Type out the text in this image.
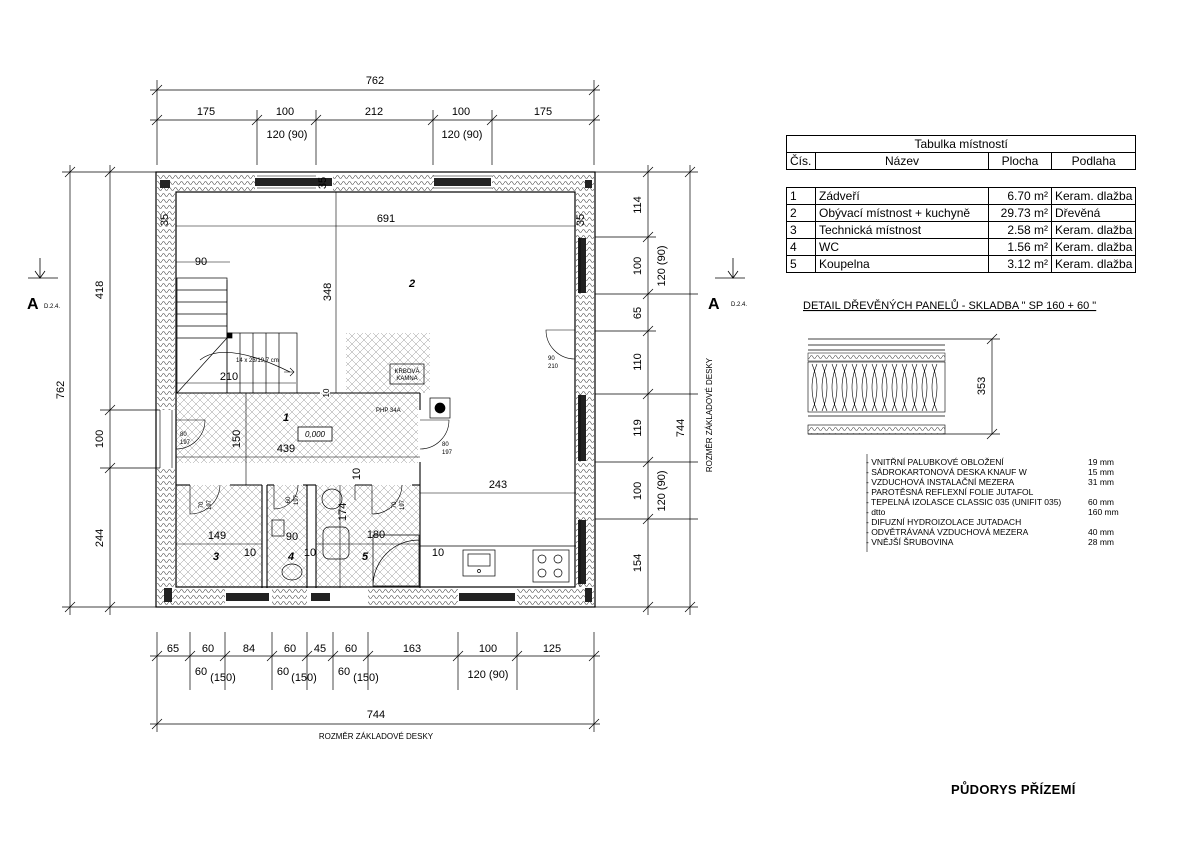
762
175	100	212	100	175
120 (90)	120 (90)
762
418
100
244
114
100
65
110
119
100
154
120 (90)
120 (90)
744 ROZMĚR ZÁKLADOVÉ DESKY
65 60	84	60 45 60	163	100	125
60 (150)	60 (150) 60 (150)	120 (90)
744
ROZMĚR ZÁKLADOVÉ DESKY
A D.2.4.	A D.2.4.
14 x 23/19,7 cm
KRBOVÁ
KAMNA
PHP 34A
35	35
35
691
348
90
210
10
2
1
0,000
150
439
243
80
197	80
197
90
210
70 197	60 197	70 197
149
3	4	5
90
10	10	10
10
174
180
353
DETAIL DŘEVĚNÝCH PANELŮ - SKLADBA " SP 160 + 60 "
Tabulka místností			
Čís.	Název	Plocha	Podlaha

1	Zádveří	6.70 m²	Keram. dlažba
2	Obývací místnost + kuchyně	29.73 m²	Dřevěná
3	Technická místnost	2.58 m²	Keram. dlažba
4	WC	1.56 m²	Keram. dlažba
5	Koupelna	3.12 m²	Keram. dlažba
- VNITŘNÍ PALUBKOVÉ OBLOŽENÍ	19 mm
- SÁDROKARTONOVÁ DESKA KNAUF W	15 mm
- VZDUCHOVÁ INSTALAČNÍ MEZERA	31 mm
- PAROTĚSNÁ REFLEXNÍ FOLIE JUTAFOL
- TEPELNÁ IZOLASCE CLASSIC 035 (UNIFIT 035)	60 mm
- dtto	160 mm
- DIFUZNÍ HYDROIZOLACE JUTADACH
- ODVĚTRÁVANÁ VZDUCHOVÁ MEZERA	40 mm
- VNĚJŠÍ ŠRUBOVINA	28 mm
PŮDORYS PŘÍZEMÍ
